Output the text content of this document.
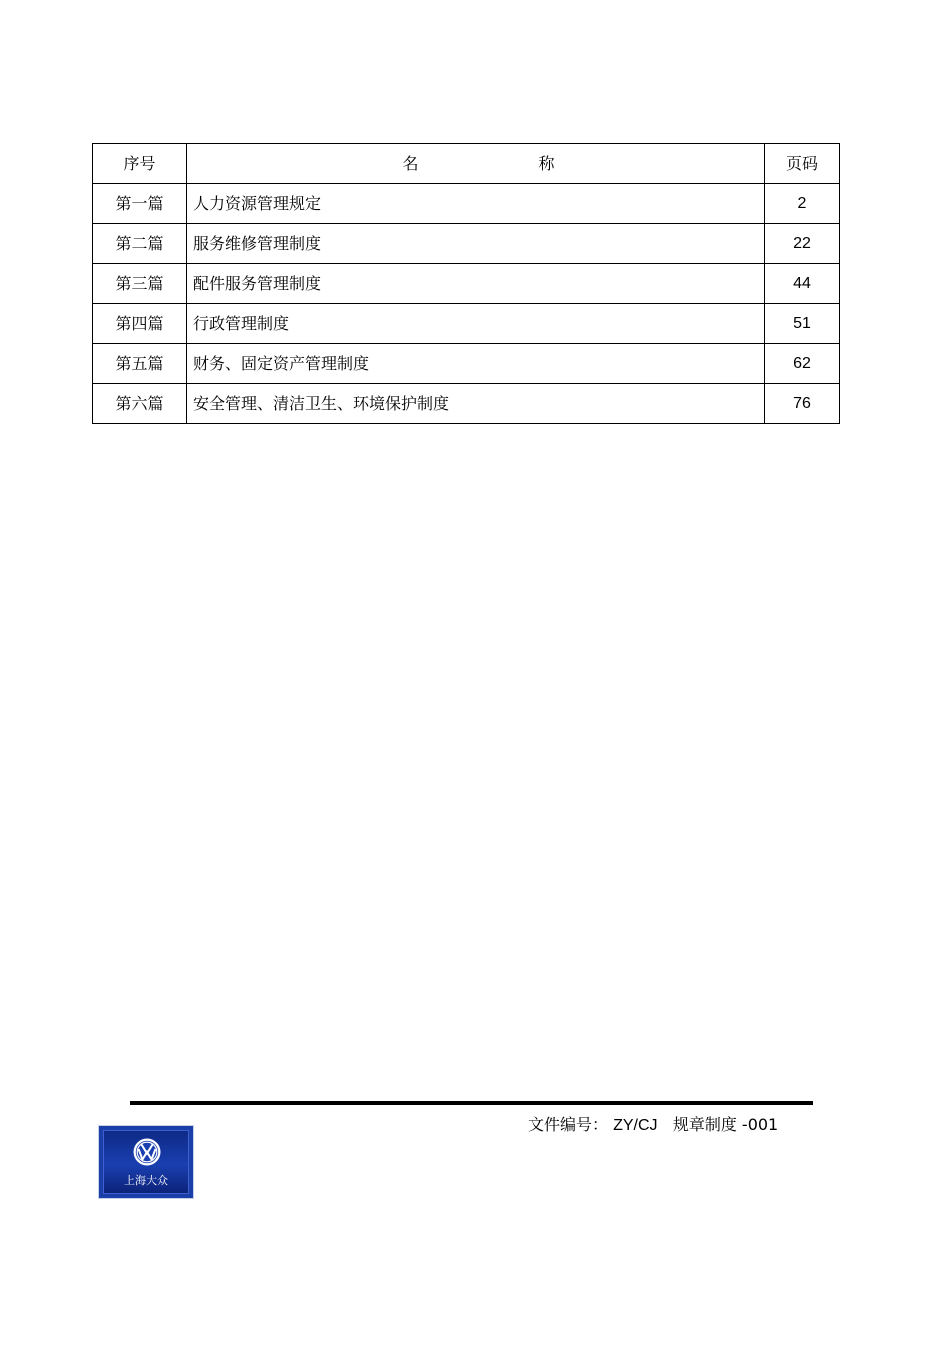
序号	名 称	页码
第一篇	人力资源管理规定	2
第二篇	服务维修管理制度	22
第三篇	配件服务管理制度	44
第四篇	行政管理制度	51
第五篇	财务、固定资产管理制度	62
第六篇	安全管理、清洁卫生、环境保护制度	76
文件编号： ZY/CJ 规章制度 -001
上海大众
